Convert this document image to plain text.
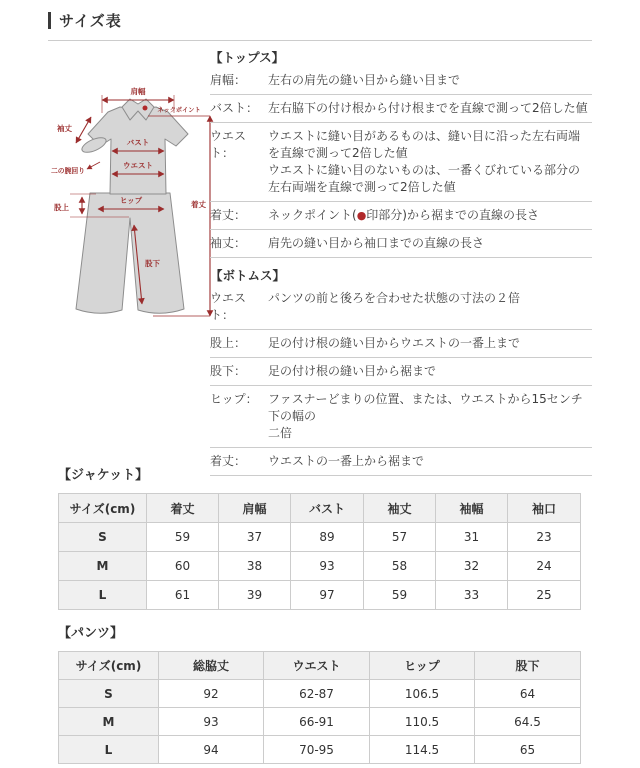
サイズ表
肩幅
ネックポイント
袖丈
バスト
ウエスト
二の腕回り
着丈
股上
ヒップ
股下

【トップス】

肩幅：	左右の肩先の縫い目から縫い目まで
バスト： 左右脇下の付け根から付け根までを直線で測って2倍した値
ウエスト：
ウエストに縫い目があるものは、縫い目に沿った左右両端
を直線で測って2倍した値
ウエストに縫い目のないものは、一番くびれている部分の
左右両端を直線で測って2倍した値
着丈：	ネックポイント(●印部分)から裾までの直線の長さ
袖丈：	肩先の縫い目から袖口までの直線の長さ

【ボトムス】

ウエスト：
パンツの前と後ろを合わせた状態の寸法の２倍
股上：	足の付け根の縫い目からウエストの一番上まで
股下：	足の付け根の縫い目から裾まで
ヒップ： ファスナーどまりの位置、または、ウエストから15センチ下の幅の
二倍
着丈：	ウエストの一番上から裾まで

【ジャケット】

サイズ(cm)	着丈	肩幅	バスト	袖丈	袖幅	袖口
S	59	37	89	57	31	23
M	60	38	93	58	32	24
L	61	39	97	59	33	25

【パンツ】

サイズ(cm)	総脇丈	ウエスト	ヒップ	股下
S	92	62-87	106.5	64
M	93	66-91	110.5	64.5
L	94	70-95	114.5	65
